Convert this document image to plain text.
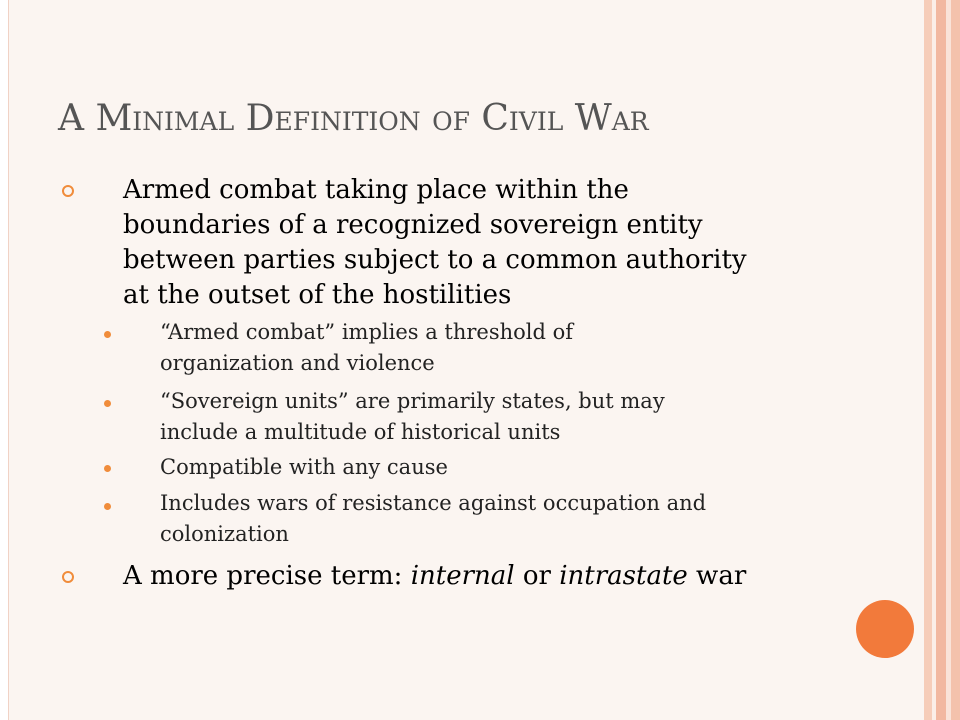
A Minimal Definition of Civil War
Armed combat taking place within the
boundaries of a recognized sovereign entity
between parties subject to a common authority
at the outset of the hostilities
“Armed combat” implies a threshold of
organization and violence
“Sovereign units” are primarily states, but may
include a multitude of historical units
Compatible with any cause
Includes wars of resistance against occupation and
colonization
A more precise term: internal or intrastate war
